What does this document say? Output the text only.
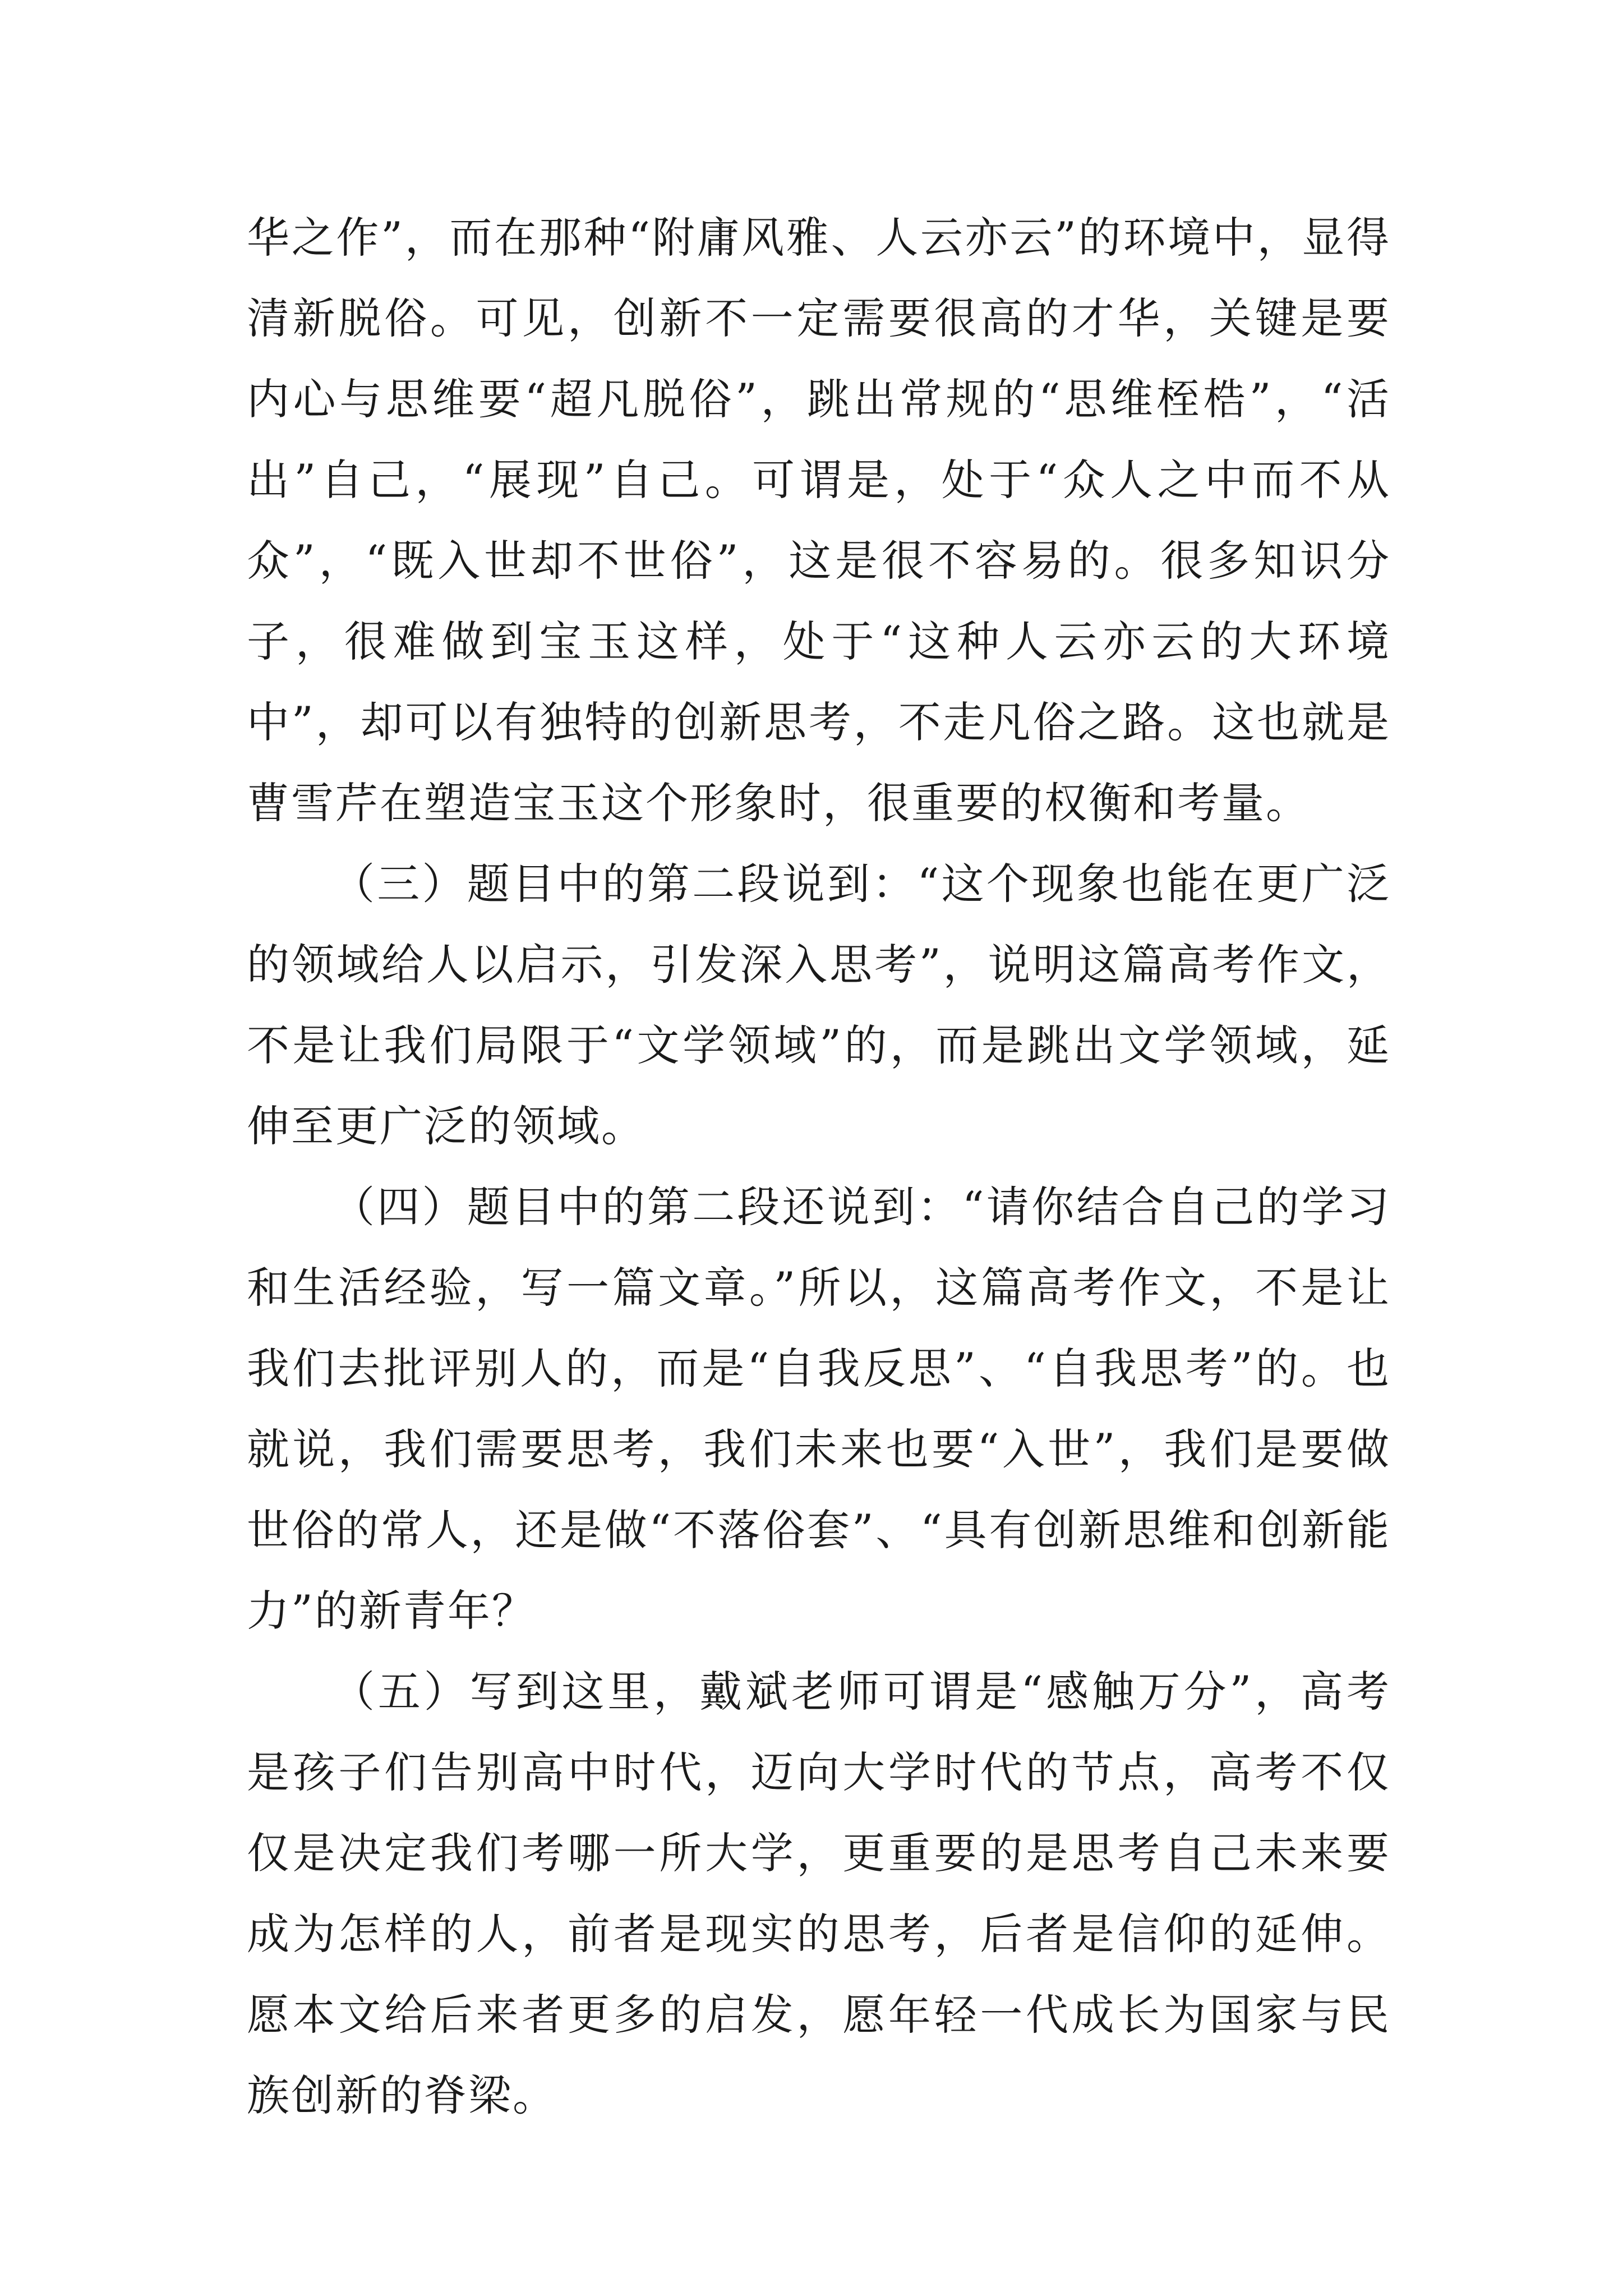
华之作”，而在那种“附庸风雅、人云亦云”的环境中，显得清新脱俗。可见，创新不一定需要很高的才华，关键是要内心与思维要“超凡脱俗”，跳出常规的“思维桎梏”，“活出”自己，“展现”自己。可谓是，处于“众人之中而不从众”，“既入世却不世俗”，这是很不容易的。很多知识分子，很难做到宝玉这样，处于“这种人云亦云的大环境中”，却可以有独特的创新思考，不走凡俗之路。这也就是曹雪芹在塑造宝玉这个形象时，很重要的权衡和考量。

（三）题目中的第二段说到：“这个现象也能在更广泛的领域给人以启示，引发深入思考”，说明这篇高考作文，不是让我们局限于“文学领域”的，而是跳出文学领域，延伸至更广泛的领域。

（四）题目中的第二段还说到：“请你结合自己的学习和生活经验，写一篇文章。”所以，这篇高考作文，不是让我们去批评别人的，而是“自我反思”、“自我思考”的。也就说，我们需要思考，我们未来也要“入世”，我们是要做世俗的常人，还是做“不落俗套”、“具有创新思维和创新能力”的新青年？

（五）写到这里，戴斌老师可谓是“感触万分”，高考是孩子们告别高中时代，迈向大学时代的节点，高考不仅仅是决定我们考哪一所大学，更重要的是思考自己未来要成为怎样的人，前者是现实的思考，后者是信仰的延伸。愿本文给后来者更多的启发，愿年轻一代成长为国家与民族创新的脊梁。
